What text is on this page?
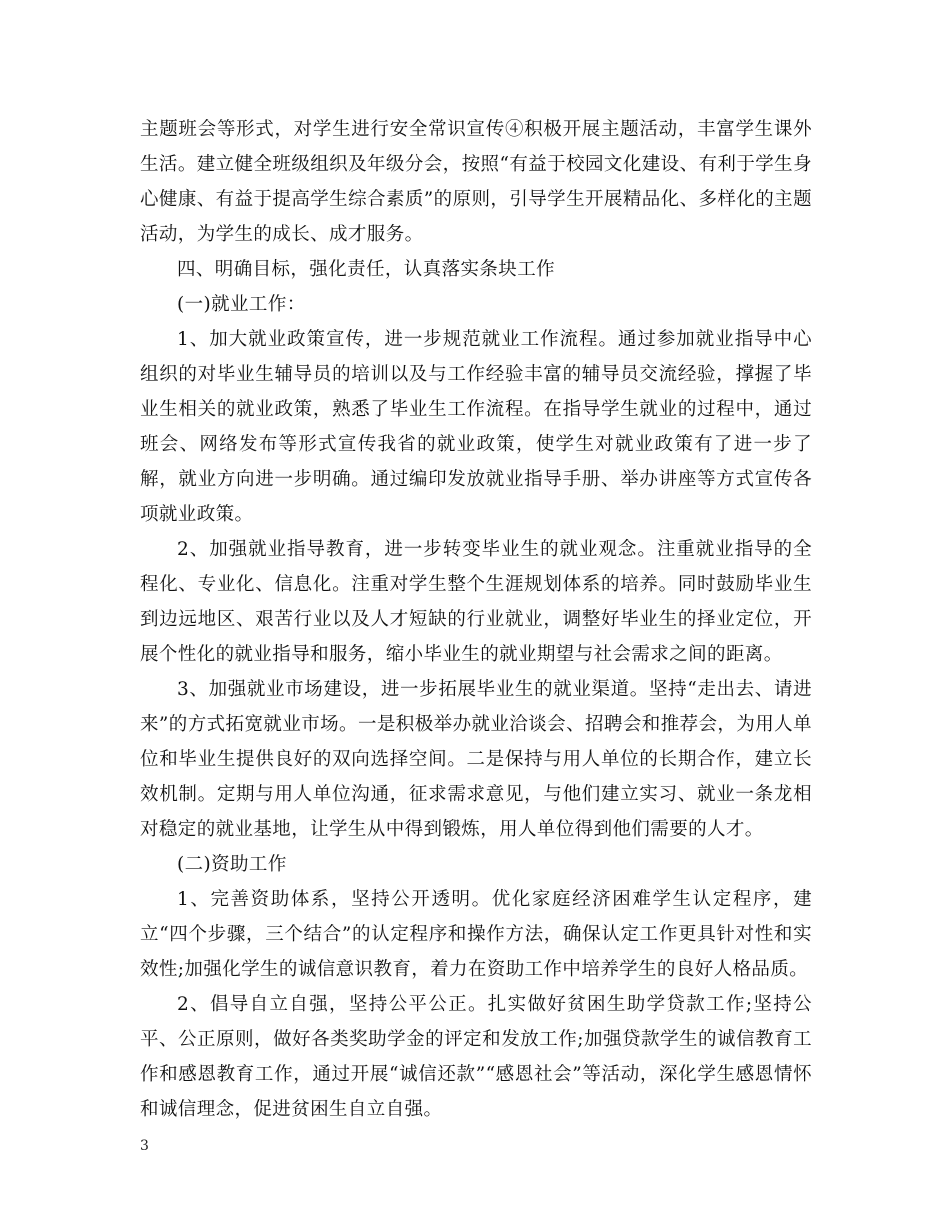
主题班会等形式，对学生进行安全常识宣传④积极开展主题活动，丰富学生课外生活。建立健全班级组织及年级分会，按照“有益于校园文化建设、有利于学生身心健康、有益于提高学生综合素质”的原则，引导学生开展精品化、多样化的主题活动，为学生的成长、成才服务。

四、明确目标，强化责任，认真落实条块工作

(一)就业工作：

1、加大就业政策宣传，进一步规范就业工作流程。通过参加就业指导中心组织的对毕业生辅导员的培训以及与工作经验丰富的辅导员交流经验，撑握了毕业生相关的就业政策，熟悉了毕业生工作流程。在指导学生就业的过程中，通过班会、网络发布等形式宣传我省的就业政策，使学生对就业政策有了进一步了解，就业方向进一步明确。通过编印发放就业指导手册、举办讲座等方式宣传各项就业政策。

2、加强就业指导教育，进一步转变毕业生的就业观念。注重就业指导的全程化、专业化、信息化。注重对学生整个生涯规划体系的培养。同时鼓励毕业生到边远地区、艰苦行业以及人才短缺的行业就业，调整好毕业生的择业定位，开展个性化的就业指导和服务，缩小毕业生的就业期望与社会需求之间的距离。

3、加强就业市场建设，进一步拓展毕业生的就业渠道。坚持“走出去、请进来”的方式拓宽就业市场。一是积极举办就业洽谈会、招聘会和推荐会，为用人单位和毕业生提供良好的双向选择空间。二是保持与用人单位的长期合作，建立长效机制。定期与用人单位沟通，征求需求意见，与他们建立实习、就业一条龙相对稳定的就业基地，让学生从中得到锻炼，用人单位得到他们需要的人才。

(二)资助工作

1、完善资助体系，坚持公开透明。优化家庭经济困难学生认定程序，建立“四个步骤，三个结合”的认定程序和操作方法，确保认定工作更具针对性和实效性;加强化学生的诚信意识教育，着力在资助工作中培养学生的良好人格品质。

2、倡导自立自强，坚持公平公正。扎实做好贫困生助学贷款工作;坚持公平、公正原则，做好各类奖助学金的评定和发放工作;加强贷款学生的诚信教育工作和感恩教育工作，通过开展“诚信还款”“感恩社会”等活动，深化学生感恩情怀和诚信理念，促进贫困生自立自强。

3
